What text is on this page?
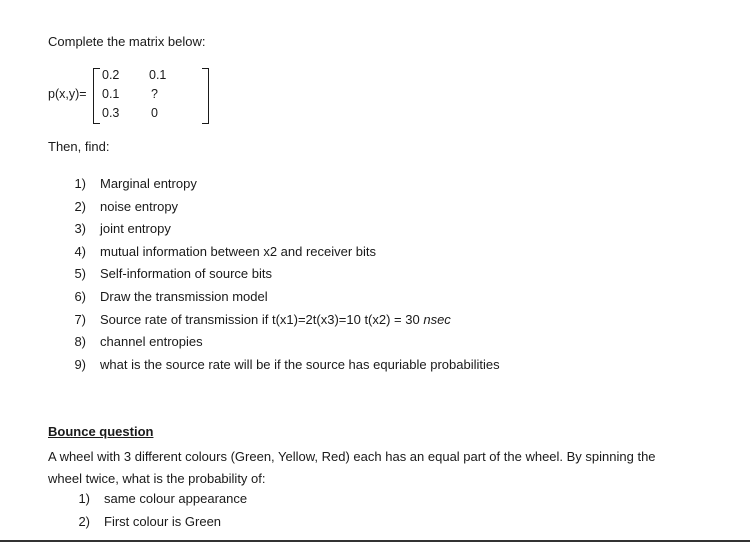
Complete the matrix below:
p(x,y)=
0.2 0.1
0.1	?
0.3	0
Then, find:
1) Marginal entropy
2) noise entropy
3) joint entropy
4) mutual information between x2 and receiver bits
5) Self-information of source bits
6) Draw the transmission model
7) Source rate of transmission if t(x1)=2t(x3)=10 t(x2) = 30 nsec
8) channel entropies
9) what is the source rate will be if the source has equriable probabilities
Bounce question
A wheel with 3 different colours (Green, Yellow, Red) each has an equal part of the wheel. By spinning the wheel twice, what is the probability of:
1) same colour appearance
2) First colour is Green
